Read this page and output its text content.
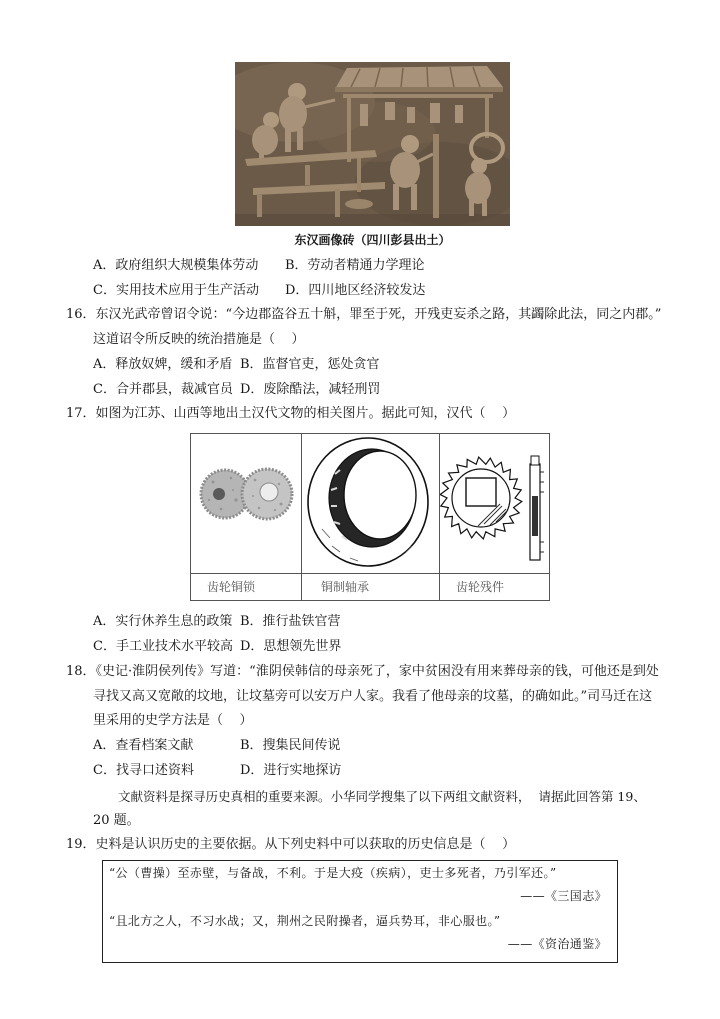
东汉画像砖（四川彭县出土）
A．政府组织大规模集体劳动 B．劳动者精通力学理论
C．实用技术应用于生产活动 D．四川地区经济较发达
16．东汉光武帝曾诏令说：“今边郡盗谷五十斛，罪至于死，开残吏妄杀之路，其蠲除此法，同之内郡。”
这道诏令所反映的统治措施是（    ）
A．释放奴婢，缓和矛盾 B．监督官吏，惩处贪官
C．合并郡县，裁减官员 D．废除酷法，减轻刑罚
17．如图为江苏、山西等地出土汉代文物的相关图片。据此可知，汉代（    ）
齿轮铜锁	铜制轴承	齿轮残件
A．实行休养生息的政策 B．推行盐铁官营
C．手工业技术水平较高 D．思想领先世界
18．《史记·淮阴侯列传》写道：“淮阴侯韩信的母亲死了，家中贫困没有用来葬母亲的钱，可他还是到处
寻找又高又宽敞的坟地，让坟墓旁可以安万户人家。我看了他母亲的坟墓，的确如此。”司马迁在这
里采用的史学方法是（    ）
A．查看档案文献	B．搜集民间传说
C．找寻口述资料	D．进行实地探访
文献资料是探寻历史真相的重要来源。小华同学搜集了以下两组文献资料，  请据此回答第 19、
20 题。
19．史料是认识历史的主要依据。从下列史料中可以获取的历史信息是（    ）
“公（曹操）至赤壁，与备战，不利。于是大疫（疾病），吏士多死者，乃引军还。”
——《三国志》
“且北方之人，不习水战；又，荆州之民附操者，逼兵势耳，非心服也。”
——《资治通鉴》
